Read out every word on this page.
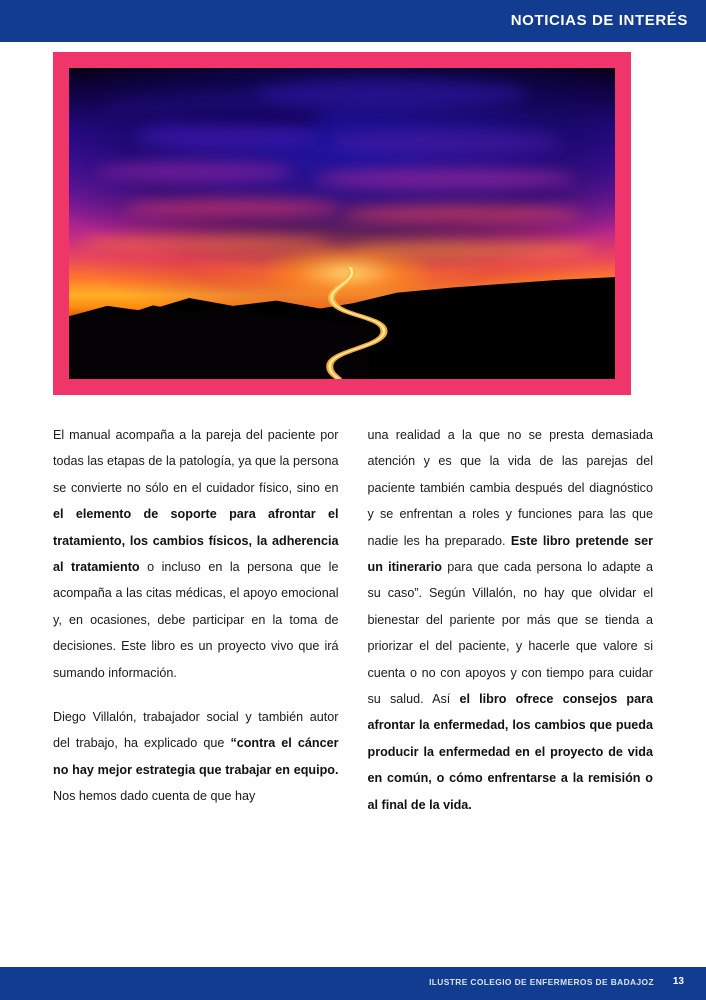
NOTICIAS DE INTERÉS

El manual acompaña a la pareja del paciente por todas las etapas de la patología, ya que la persona se convierte no sólo en el cuidador físico, sino en el elemento de soporte para afrontar el tratamiento, los cambios físicos, la adherencia al tratamiento o incluso en la persona que le acompaña a las citas médicas, el apoyo emocional y, en ocasiones, debe participar en la toma de decisiones. Este libro es un proyecto vivo que irá sumando información.

Diego Villalón, trabajador social y también autor del trabajo, ha explicado que “contra el cáncer no hay mejor estrategia que trabajar en equipo. Nos hemos dado cuenta de que hay

una realidad a la que no se presta demasiada atención y es que la vida de las parejas del paciente también cambia después del diagnóstico y se enfrentan a roles y funciones para las que nadie les ha preparado. Este libro pretende ser un itinerario para que cada persona lo adapte a su caso”. Según Villalón, no hay que olvidar el bienestar del pariente por más que se tienda a priorizar el del paciente, y hacerle que valore si cuenta o no con apoyos y con tiempo para cuidar su salud. Así el libro ofrece consejos para afrontar la enfermedad, los cambios que pueda producir la enfermedad en el proyecto de vida en común, o cómo enfrentarse a la remisión o al final de la vida.

ILUSTRE COLEGIO DE ENFERMEROS DE BADAJOZ 13
